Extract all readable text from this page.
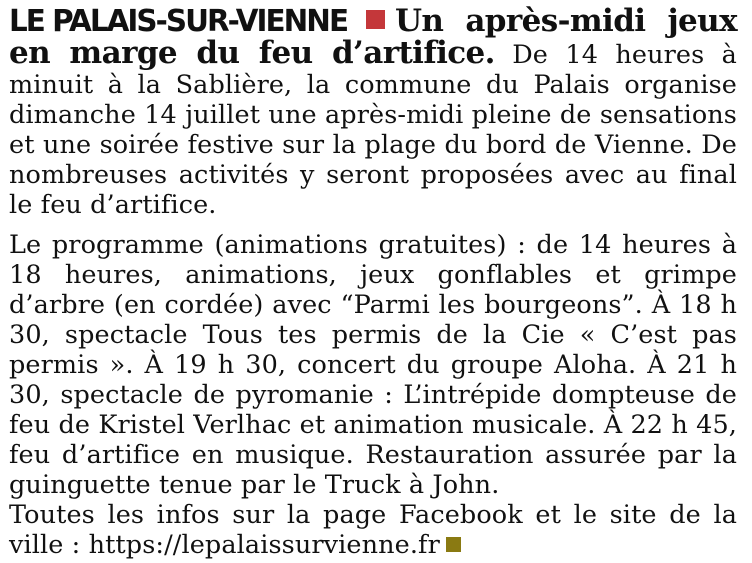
LE PALAIS-SUR-VIENNE Un après-midi jeux en marge du feu d’artifice. De 14 heures à minuit à la Sablière, la commune du Palais organise dimanche 14 juillet une après-midi pleine de sensations et une soirée festive sur la plage du bord de Vienne. De nombreuses activités y seront proposées avec au final le feu d’artifice.

Le programme (animations gratuites) : de 14 heures à 18 heures, animations, jeux gonflables et grimpe d’arbre (en cordée) avec “Parmi les bourgeons”. À 18 h 30, spectacle Tous tes permis de la Cie « C’est pas permis ». À 19 h 30, concert du groupe Aloha. À 21 h 30, spectacle de pyromanie : L’intrépide dompteuse de feu de Kristel Verlhac et animation musicale. À 22 h 45, feu d’artifice en musique. Restauration assurée par la guinguette tenue par le Truck à John.

Toutes les infos sur la page Facebook et le site de la ville : https://lepalaissurvienne.fr
